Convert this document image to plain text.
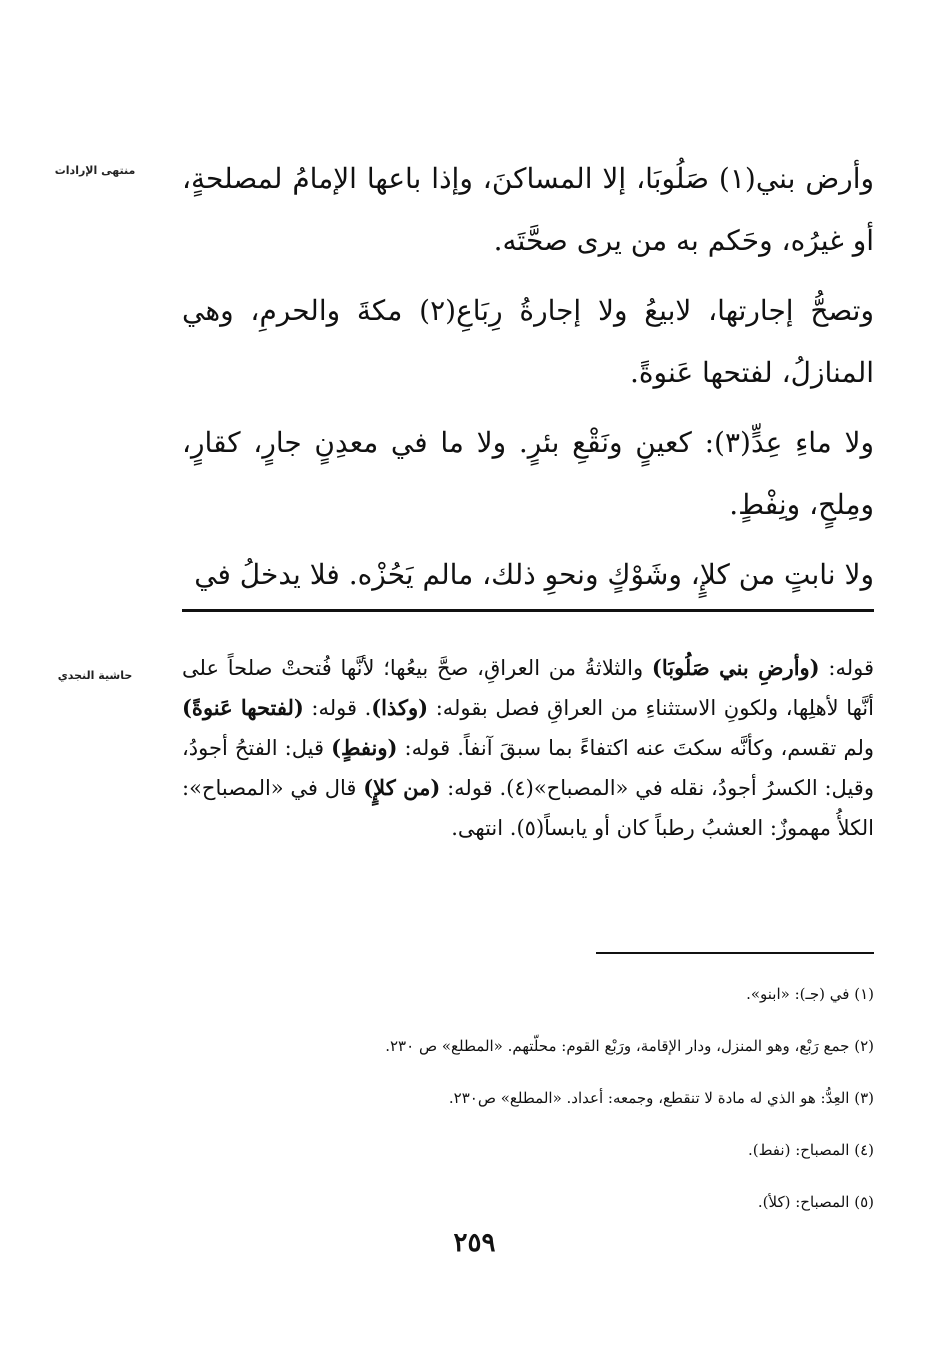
منتهى الإرادات
حاشية النجدي

وأرض بني(١) صَلُوبَا، إلا المساكنَ، وإذا باعها الإمامُ لمصلحةٍ، أو غيرُه، وحَكم به من يرى صحَّتَه.

وتصحُّ إجارتها، لابيعُ ولا إجارةُ رِبَاعِ(٢) مكةَ والحرمِ، وهي المنازلُ، لفتحها عَنوةً.

ولا ماءِ عِدٍّ(٣): كعينٍ ونَقْعِ بئرٍ. ولا ما في معدِنٍ جارٍ، كقارٍ، ومِلحٍ، ونِفْطٍ.

ولا نابتٍ من كلإٍ، وشَوْكٍ ونحوِ ذلك، مالم يَحُزْه. فلا يدخلُ في

قوله: (وأرضِ بني صَلُوبَا) والثلاثةُ من العراقِ، صحَّ بيعُها؛ لأنَّها فُتحتْ صلحاً على أنَّها لأهلِها، ولكونِ الاستثناءِ من العراقِ فصل بقوله: (وكذا). قوله: (لفتحها عَنوةً) ولم تقسم، وكأنَّه سكتَ عنه اكتفاءً بما سبقَ آنفاً. قوله: (ونفطٍ) قيل: الفتحُ أجودُ، وقيل: الكسرُ أجودُ، نقله في «المصباح»(٤). قوله: (من كلإٍ) قال في «المصباح»: الكلأُ مهموزٌ: العشبُ رطباً كان أو يابساً(٥). انتهى.
(١) في (جـ): «ابنو».
(٢) جمع رَبْع، وهو المنزل، ودار الإقامة، ورَبْع القوم: محلّتهم. «المطلع» ص ٢٣٠.
(٣) العِدُّ: هو الذي له مادة لا تنقطع، وجمعه: أعداد. «المطلع» ص٢٣٠.
(٤) المصباح: (نفط).
(٥) المصباح: (كلأ).
٢٥٩
